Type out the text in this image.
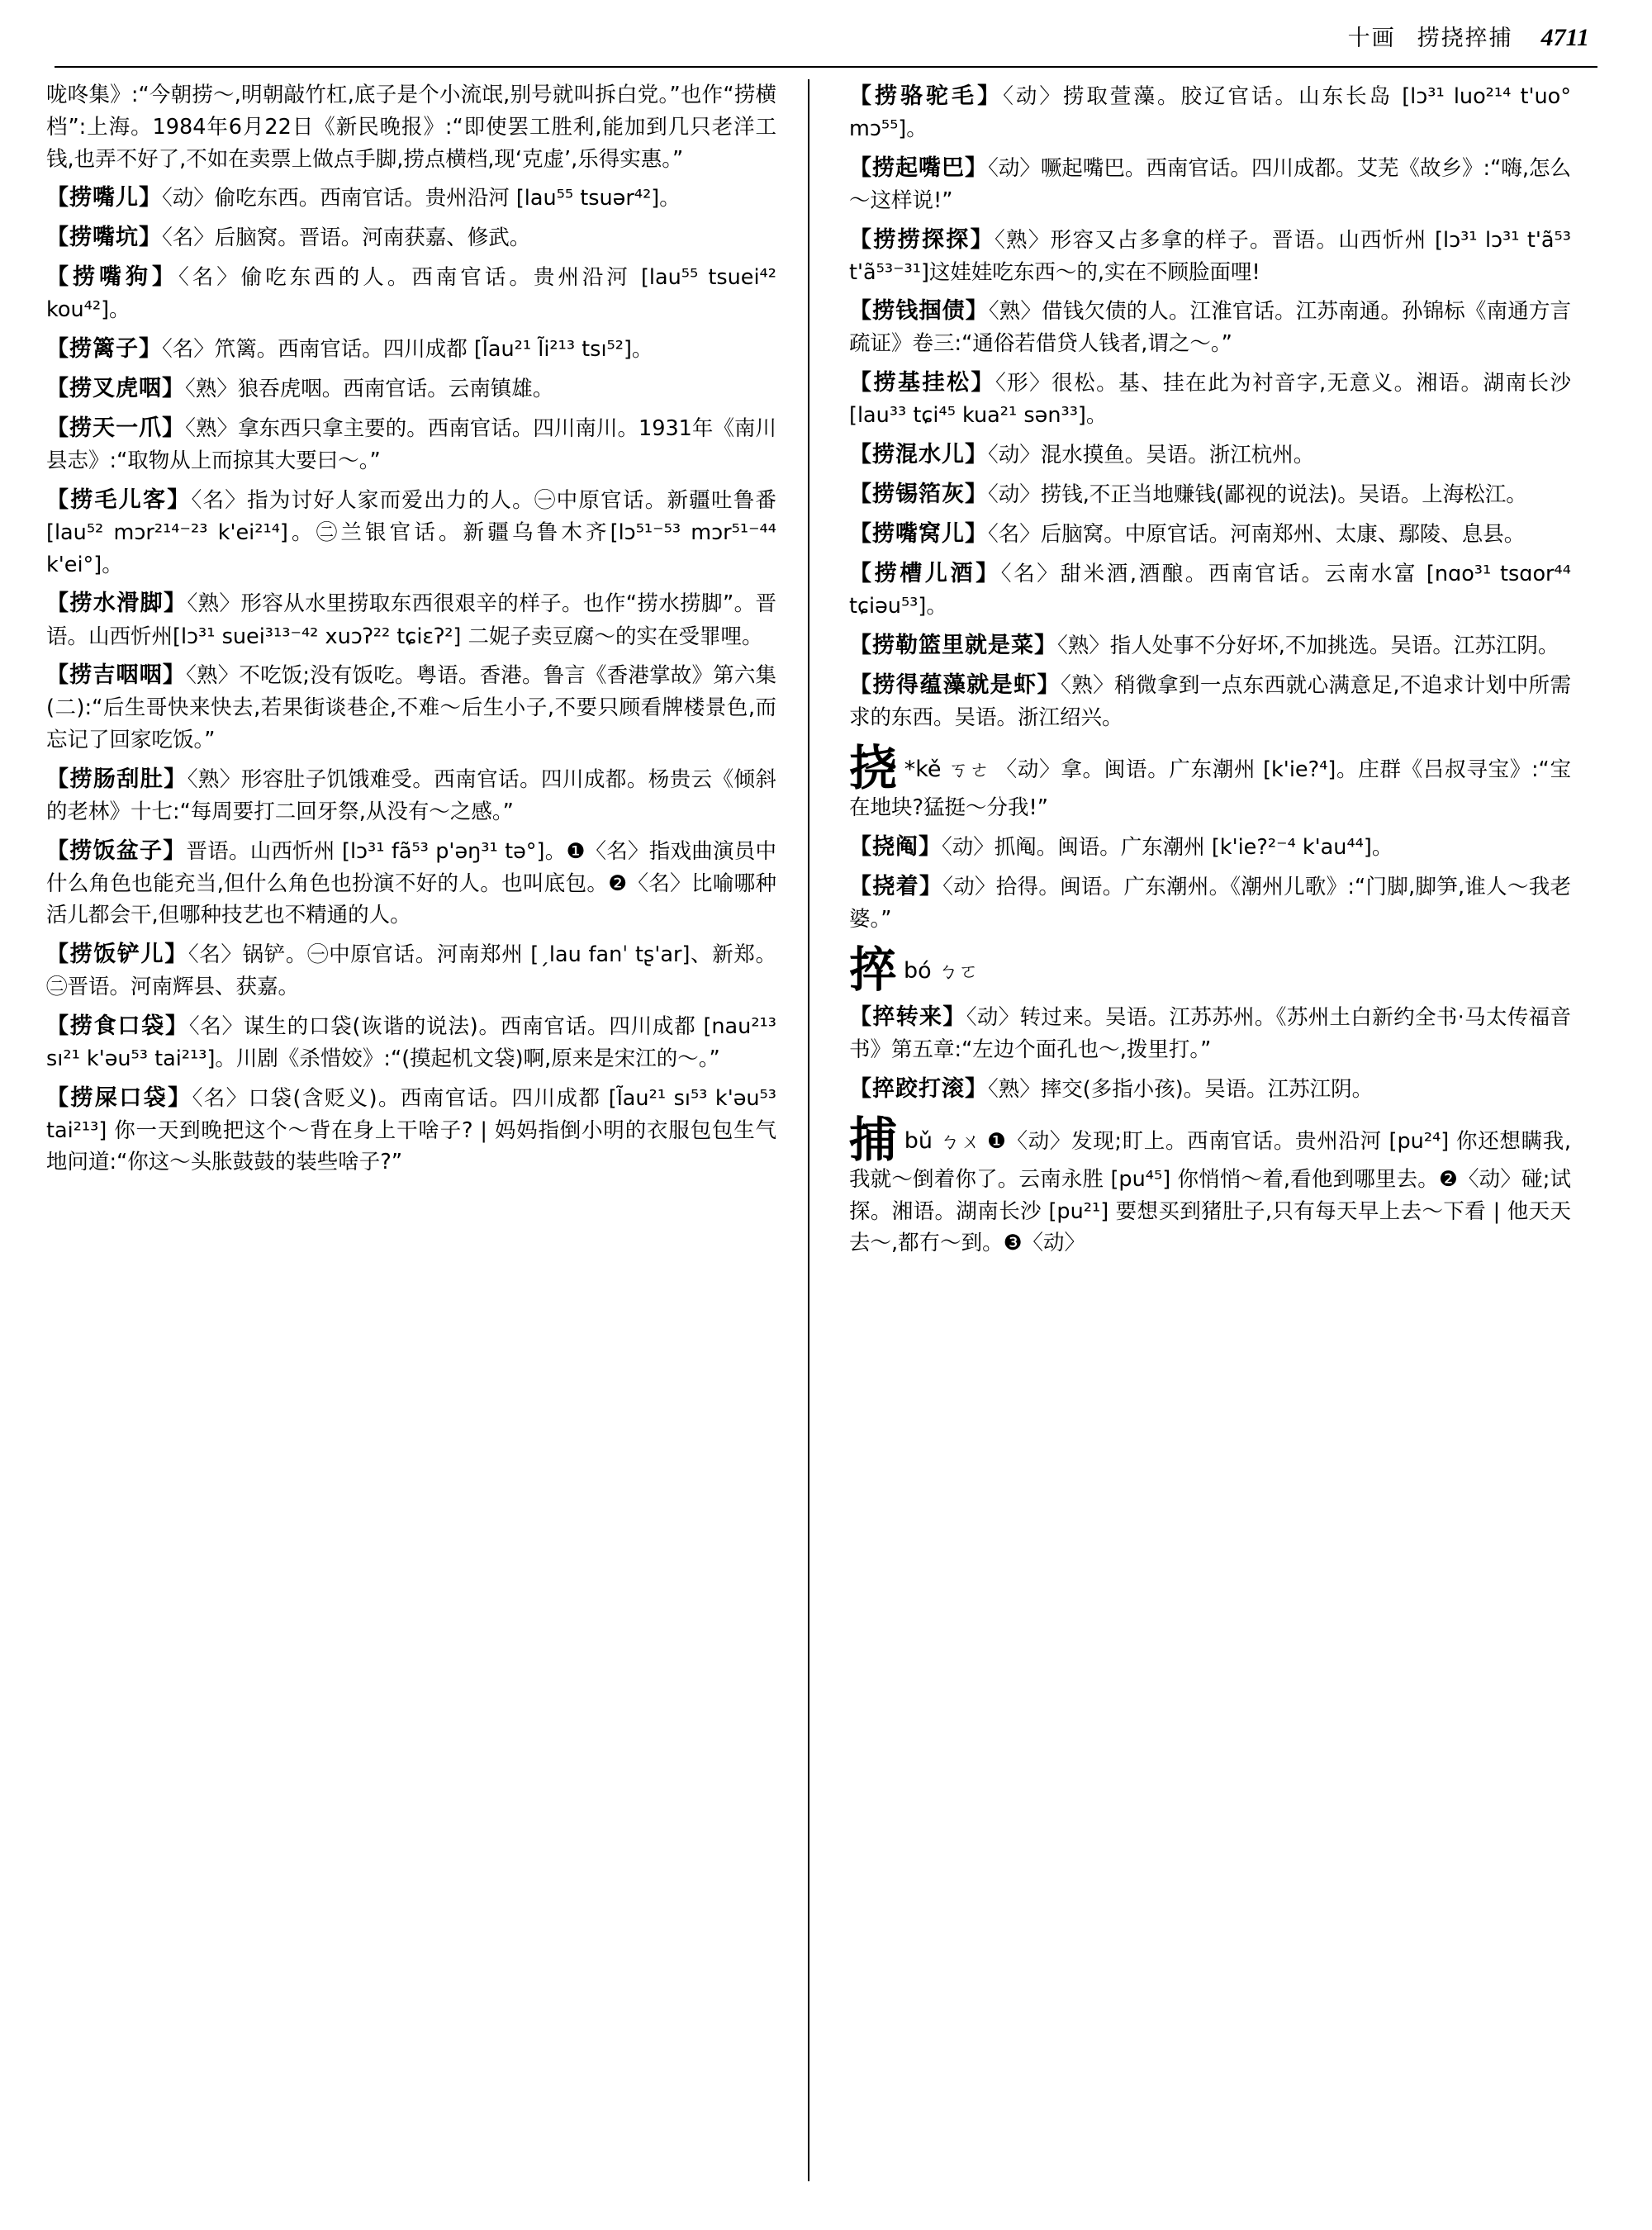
十画 捞挠捽捕 4711
咙咚集》:“今朝捞～,明朝敲竹杠,底子是个小流氓,别号就叫拆白党。”也作“捞横档”:上海。1984年6月22日《新民晚报》:“即使罢工胜利,能加到几只老洋工钱,也弄不好了,不如在卖票上做点手脚,捞点横档,现‘克虚’,乐得实惠。”
【捞嘴儿】〈动〉偷吃东西。西南官话。贵州沿河 [lau⁵⁵ tsuər⁴²]。
【捞嘴坑】〈名〉后脑窝。晋语。河南获嘉、修武。
【捞嘴狗】〈名〉偷吃东西的人。西南官话。贵州沿河 [lau⁵⁵ tsuei⁴² kou⁴²]。
【捞篱子】〈名〉笊篱。西南官话。四川成都 [l̃au²¹ l̃i²¹³ tsı⁵²]。
【捞叉虎咽】〈熟〉狼吞虎咽。西南官话。云南镇雄。
【捞天一爪】〈熟〉拿东西只拿主要的。西南官话。四川南川。1931年《南川县志》:“取物从上而掠其大要曰～。”
【捞毛儿客】〈名〉指为讨好人家而爱出力的人。㊀中原官话。新疆吐鲁番 [lau⁵² mɔr²¹⁴⁻²³ k'ei²¹⁴]。㊁兰银官话。新疆乌鲁木齐[lɔ⁵¹⁻⁵³ mɔr⁵¹⁻⁴⁴ k'ei°]。
【捞水滑脚】〈熟〉形容从水里捞取东西很艰辛的样子。也作“捞水捞脚”。晋语。山西忻州[lɔ³¹ suei³¹³⁻⁴² xuɔʔ²² tɕiɛʔ²] 二妮子卖豆腐～的实在受罪哩。
【捞吉咽咽】〈熟〉不吃饭;没有饭吃。粤语。香港。鲁言《香港掌故》第六集(二):“后生哥快来快去,若果街谈巷企,不难～后生小子,不要只顾看牌楼景色,而忘记了回家吃饭。”
【捞肠刮肚】〈熟〉形容肚子饥饿难受。西南官话。四川成都。杨贵云《倾斜的老林》十七:“每周要打二回牙祭,从没有～之感。”
【捞饭盆子】晋语。山西忻州 [lɔ³¹ fã⁵³ p'əŋ³¹ tə°]。❶〈名〉指戏曲演员中什么角色也能充当,但什么角色也扮演不好的人。也叫底包。❷〈名〉比喻哪种活儿都会干,但哪种技艺也不精通的人。
【捞饭铲儿】〈名〉锅铲。㊀中原官话。河南郑州 [ˏlau fanˈ tʂ'ar]、新郑。㊁晋语。河南辉县、获嘉。
【捞食口袋】〈名〉谋生的口袋(诙谐的说法)。西南官话。四川成都 [nau²¹³ sı²¹ k'əu⁵³ tai²¹³]。川剧《杀惜姣》:“(摸起机文袋)啊,原来是宋江的～。”
【捞屎口袋】〈名〉口袋(含贬义)。西南官话。四川成都 [l̃au²¹ sı⁵³ k'əu⁵³ tai²¹³] 你一天到晚把这个～背在身上干啥子? | 妈妈指倒小明的衣服包包生气地问道:“你这～头胀鼓鼓的装些啥子?”
【捞骆驼毛】〈动〉捞取萱藻。胶辽官话。山东长岛 [lɔ³¹ luo²¹⁴ t'uo° mɔ⁵⁵]。
【捞起嘴巴】〈动〉噘起嘴巴。西南官话。四川成都。艾芜《故乡》:“嗨,怎么～这样说!”
【捞捞探探】〈熟〉形容又占多拿的样子。晋语。山西忻州 [lɔ³¹ lɔ³¹ t'ã⁵³ t'ã⁵³⁻³¹]这娃娃吃东西～的,实在不顾脸面哩!
【捞钱掴债】〈熟〉借钱欠债的人。江淮官话。江苏南通。孙锦标《南通方言疏证》卷三:“通俗若借贷人钱者,谓之～。”
【捞基挂松】〈形〉很松。基、挂在此为衬音字,无意义。湘语。湖南长沙 [lau³³ tɕi⁴⁵ kua²¹ sən³³]。
【捞混水儿】〈动〉混水摸鱼。吴语。浙江杭州。
【捞锡箔灰】〈动〉捞钱,不正当地赚钱(鄙视的说法)。吴语。上海松江。
【捞嘴窝儿】〈名〉后脑窝。中原官话。河南郑州、太康、鄢陵、息县。
【捞槽儿酒】〈名〉甜米酒,酒酿。西南官话。云南水富 [nɑo³¹ tsɑor⁴⁴ tɕiəu⁵³]。
【捞勒篮里就是菜】〈熟〉指人处事不分好坏,不加挑选。吴语。江苏江阴。
【捞得蕴藻就是虾】〈熟〉稍微拿到一点东西就心满意足,不追求计划中所需求的东西。吴语。浙江绍兴。
挠 *kě ㄎㄜ 〈动〉拿。闽语。广东潮州 [k'ie?⁴]。庄群《吕叔寻宝》:“宝在地块?猛挺～分我!”
【挠阄】〈动〉抓阄。闽语。广东潮州 [k'ie?²⁻⁴ k'au⁴⁴]。
【挠着】〈动〉拾得。闽语。广东潮州。《潮州儿歌》:“门脚,脚笋,谁人～我老婆。”
捽bó ㄅㄛ
【捽转来】〈动〉转过来。吴语。江苏苏州。《苏州土白新约全书·马太传福音书》第五章:“左边个面孔也～,拨里打。”
【捽跤打滚】〈熟〉摔交(多指小孩)。吴语。江苏江阴。
捕bǔ ㄅㄨ ❶〈动〉发现;盯上。西南官话。贵州沿河 [pu²⁴] 你还想瞒我,我就～倒着你了。云南永胜 [pu⁴⁵] 你悄悄～着,看他到哪里去。❷〈动〉碰;试探。湘语。湖南长沙 [pu²¹] 要想买到猪肚子,只有每天早上去～下看 | 他天天去～,都冇～到。❸〈动〉
